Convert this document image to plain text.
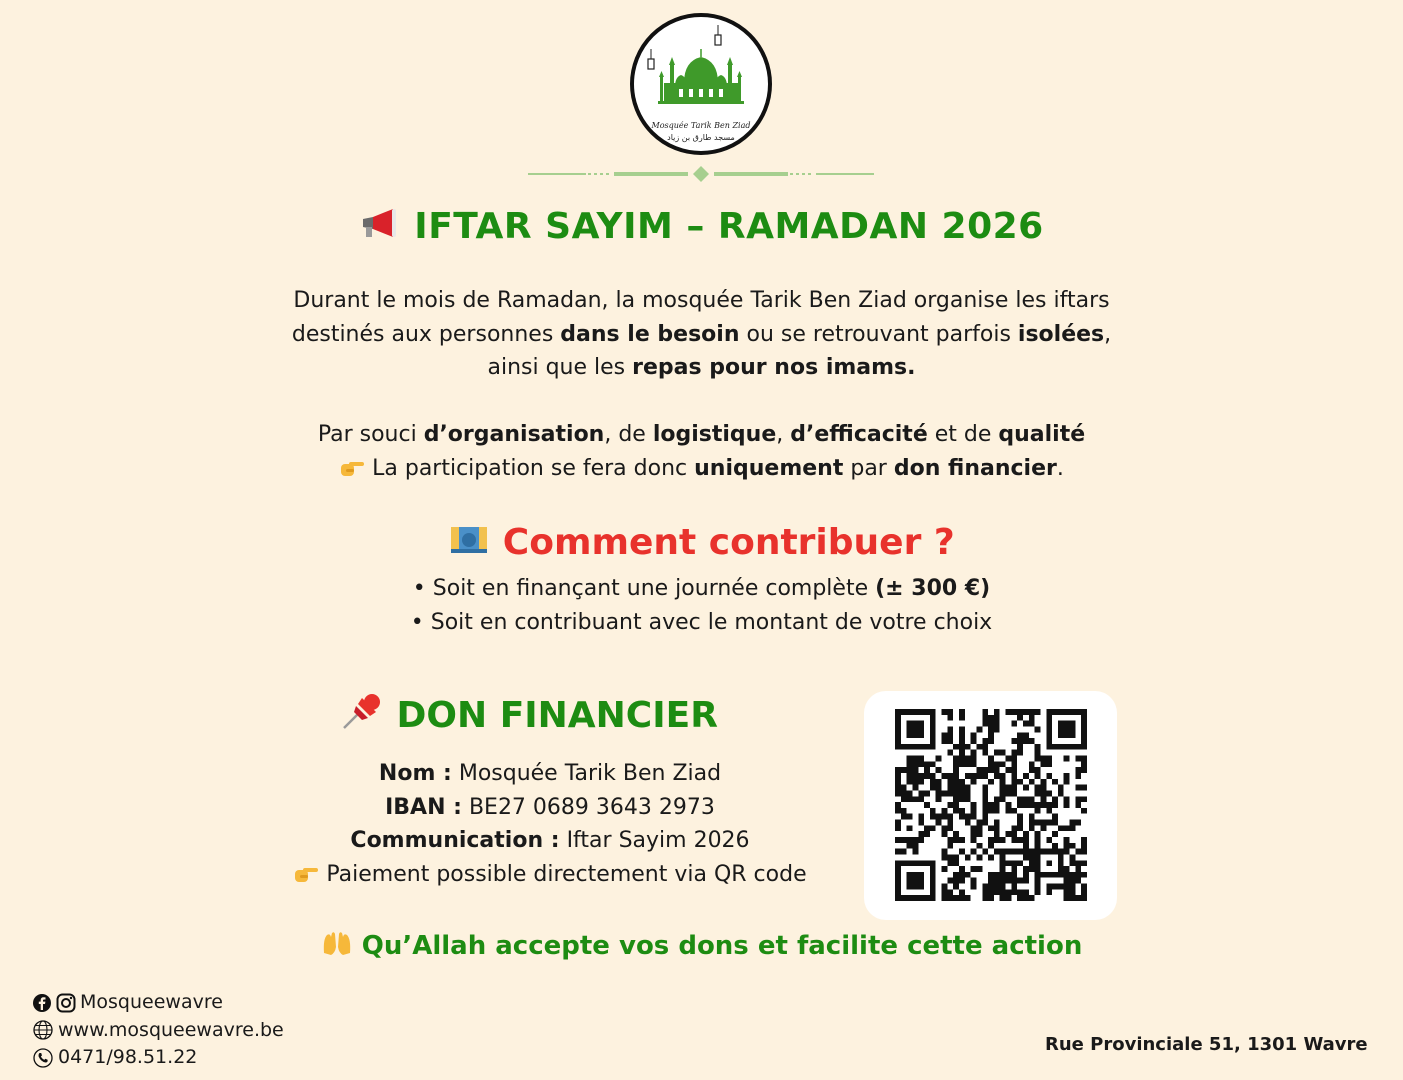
Mosquée Tarik Ben Ziad
مسجد طارق بن زياد
IFTAR SAYIM – RAMADAN 2026
Durant le mois de Ramadan, la mosquée Tarik Ben Ziad organise les iftars
destinés aux personnes dans le besoin ou se retrouvant parfois isolées,
ainsi que les repas pour nos imams.
Par souci d’organisation, de logistique, d’efficacité et de qualité
La participation se fera donc uniquement par don financier.
Comment contribuer ?
• Soit en finançant une journée complète (± 300 €)
• Soit en contribuant avec le montant de votre choix
DON FINANCIER
Nom : Mosquée Tarik Ben Ziad
IBAN : BE27 0689 3643 2973
Communication : Iftar Sayim 2026
Paiement possible directement via QR code
Qu’Allah accepte vos dons et facilite cette action
Mosqueewavre
www.mosqueewavre.be
0471/98.51.22
Rue Provinciale 51, 1301 Wavre
